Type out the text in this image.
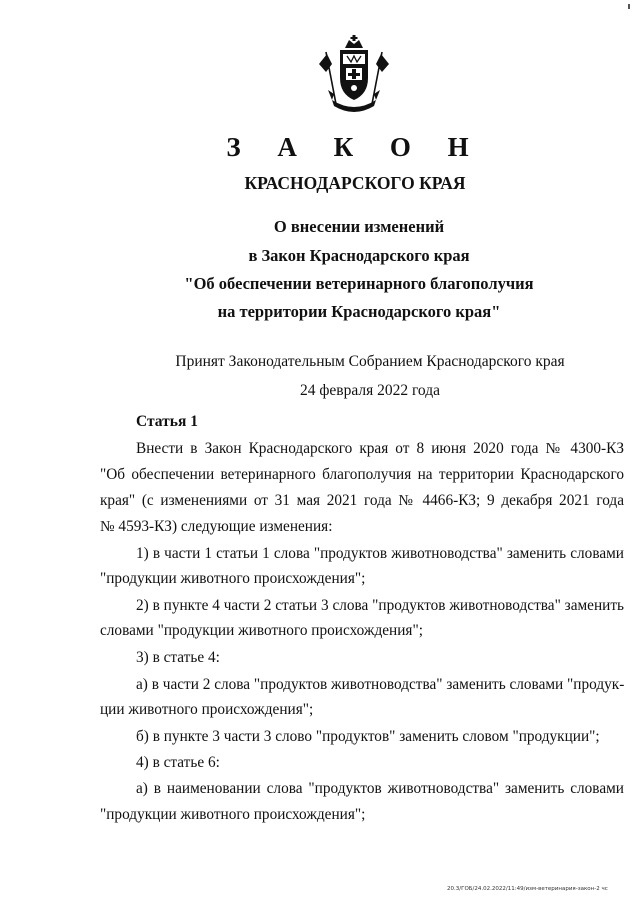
З А К О Н
КРАСНОДАРСКОГО КРАЯ
О внесении изменений
в Закон Краснодарского края
"Об обеспечении ветеринарного благополучия
на территории Краснодарского края"
Принят Законодательным Собранием Краснодарского края
24 февраля 2022 года
Статья 1
Внести в Закон Краснодарского края от 8 июня 2020 года № 4300-КЗ
"Об обеспечении ветеринарного благополучия на территории Краснодарского
края" (с изменениями от 31 мая 2021 года № 4466-КЗ; 9 декабря 2021 года
№ 4593-КЗ) следующие изменения:
1) в части 1 статьи 1 слова "продуктов животноводства" заменить словами
"продукции животного происхождения";
2) в пункте 4 части 2 статьи 3 слова "продуктов животноводства" заменить
словами "продукции животного происхождения";
3) в статье 4:
а) в части 2 слова "продуктов животноводства" заменить словами "продук-
ции животного происхождения";
б) в пункте 3 части 3 слово "продуктов" заменить словом "продукции";
4) в статье 6:
а) в наименовании слова "продуктов животноводства" заменить словами
"продукции животного происхождения";
20.3/ГОБ/24.02.2022/11:49/изм-ветеринария-закон-2 чс
